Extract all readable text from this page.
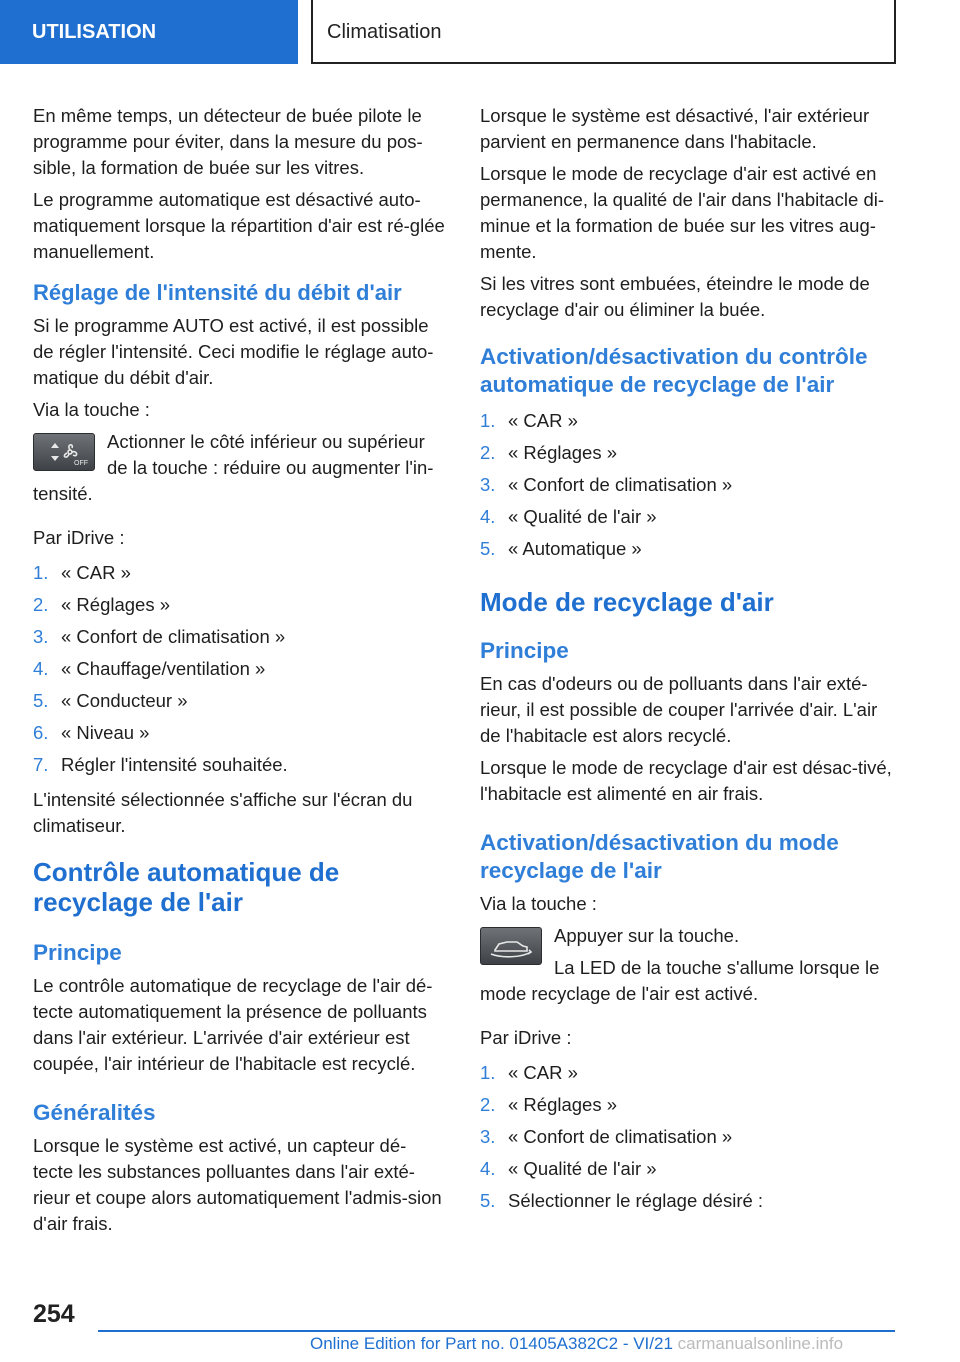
UTILISATION	Climatisation

En même temps, un détecteur de buée pilote le programme pour éviter, dans la mesure du pos-sible, la formation de buée sur les vitres.

Le programme automatique est désactivé auto-matiquement lorsque la répartition d'air est ré-glée manuellement.

Réglage de l'intensité du débit d'air

Si le programme AUTO est activé, il est possible de régler l'intensité. Ceci modifie le réglage auto-matique du débit d'air.

Via la touche :

OFF

Actionner le côté inférieur ou supérieur de la touche : réduire ou augmenter l'in-tensité.

Par iDrive :

1. « CAR »
2. « Réglages »
3. « Confort de climatisation »
4. « Chauffage/ventilation »
5. « Conducteur »
6. « Niveau »
7. Régler l'intensité souhaitée.

L'intensité sélectionnée s'affiche sur l'écran du climatiseur.

Contrôle automatique de recyclage de l'air
Principe

Le contrôle automatique de recyclage de l'air dé-tecte automatiquement la présence de polluants dans l'air extérieur. L'arrivée d'air extérieur est coupée, l'air intérieur de l'habitacle est recyclé.

Généralités

Lorsque le système est activé, un capteur dé-tecte les substances polluantes dans l'air exté-rieur et coupe alors automatiquement l'admis-sion d'air frais.

Lorsque le système est désactivé, l'air extérieur parvient en permanence dans l'habitacle.

Lorsque le mode de recyclage d'air est activé en permanence, la qualité de l'air dans l'habitacle di-minue et la formation de buée sur les vitres aug-mente.

Si les vitres sont embuées, éteindre le mode de recyclage d'air ou éliminer la buée.

Activation/désactivation du contrôle automatique de recyclage de l'air
1. « CAR »
2. « Réglages »
3. « Confort de climatisation »
4. « Qualité de l'air »
5. « Automatique »
Mode de recyclage d'air
Principe

En cas d'odeurs ou de polluants dans l'air exté-rieur, il est possible de couper l'arrivée d'air. L'air de l'habitacle est alors recyclé.

Lorsque le mode de recyclage d'air est désac-tivé, l'habitacle est alimenté en air frais.

Activation/désactivation du mode recyclage de l'air

Via la touche :

Appuyer sur la touche.

La LED de la touche s'allume lorsque le mode recyclage de l'air est activé.

Par iDrive :

1. « CAR »
2. « Réglages »
3. « Confort de climatisation »
4. « Qualité de l'air »
5. Sélectionner le réglage désiré :
254
Online Edition for Part no. 01405A382C2 - VI/21 carmanualsonline.info
